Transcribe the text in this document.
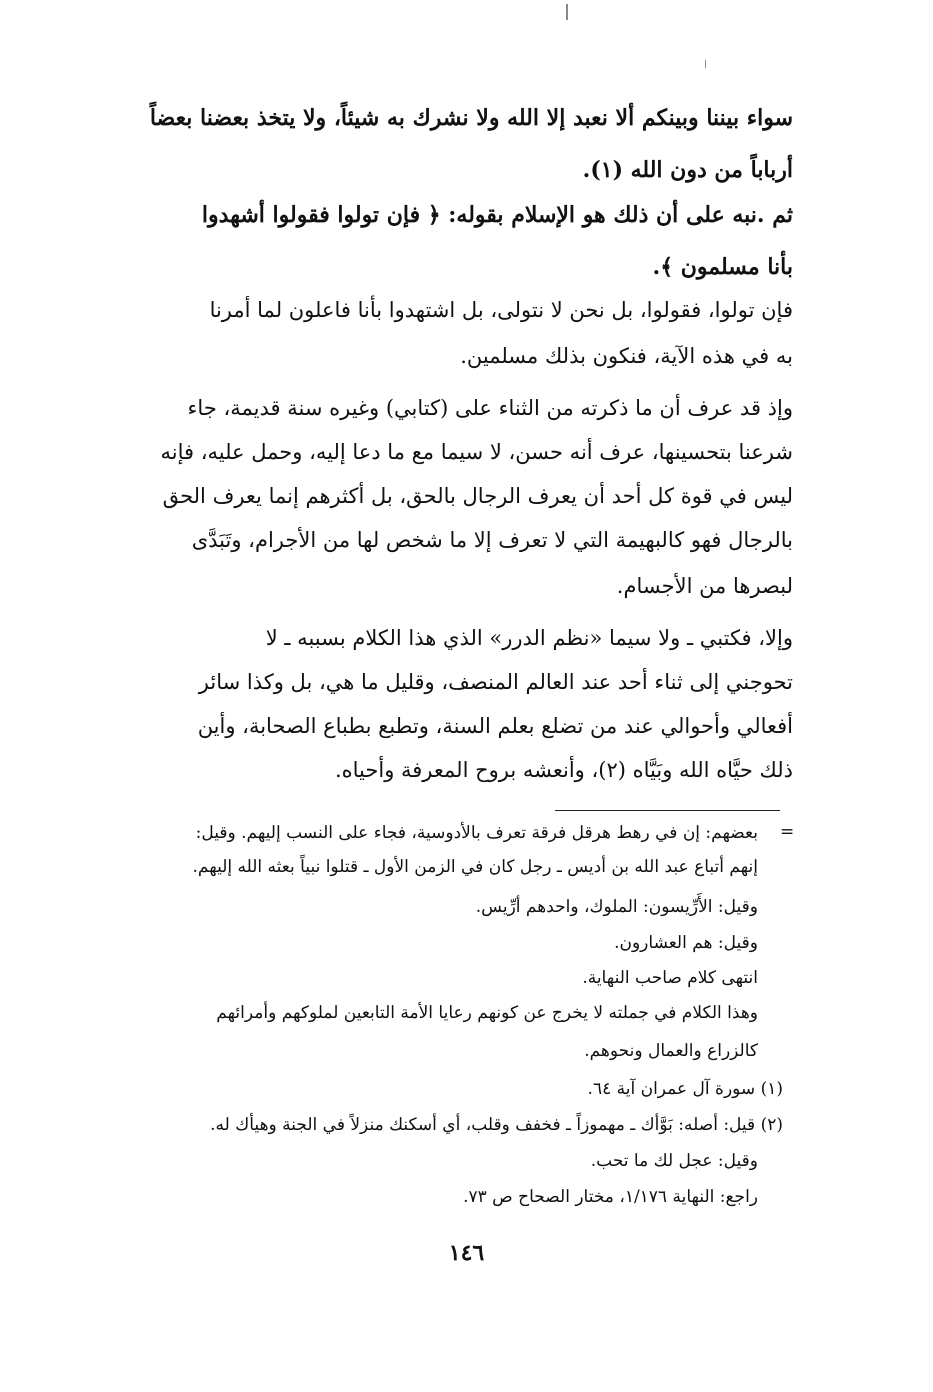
سواء بيننا وبينكم ألا نعبد إلا الله ولا نشرك به شيئاً، ولا يتخذ بعضنا بعضاً
أرباباً من دون الله (١).
ثم .نبه على أن ذلك هو الإسلام بقوله: ﴿ فإن تولوا فقولوا أشهدوا
بأنا مسلمون ﴾.
فإن تولوا، فقولوا، بل نحن لا نتولى، بل اشتهدوا بأنا فاعلون لما أمرنا
به في هذه الآية، فنكون بذلك مسلمين.
وإذ قد عرف أن ما ذكرته من الثناء على (كتابي) وغيره سنة قديمة، جاء
شرعنا بتحسينها، عرف أنه حسن، لا سيما مع ما دعا إليه، وحمل عليه، فإنه
ليس في قوة كل أحد أن يعرف الرجال بالحق، بل أكثرهم إنما يعرف الحق
بالرجال فهو كالبهيمة التي لا تعرف إلا ما شخص لها من الأجرام، وتَبَدَّى
لبصرها من الأجسام.
وإلا، فكتبي ـ ولا سيما «نظم الدرر» الذي هذا الكلام بسببه ـ لا
تحوجني إلى ثناء أحد عند العالم المنصف، وقليل ما هي، بل وكذا سائر
أفعالي وأحوالي عند من تضلع بعلم السنة، وتطبع بطباع الصحابة، وأين
ذلك حيَّاه الله وبَيَّاه (٢)، وأنعشه بروح المعرفة وأحياه.
=
بعضهم: إن في رهط هرقل فرقة تعرف بالأدوسية، فجاء على النسب إليهم. وقيل:
إنهم أتباع عبد الله بن أديس ـ رجل كان في الزمن الأول ـ قتلوا نبياً بعثه الله إليهم.
وقيل: الأَرِّيسون: الملوك، واحدهم أرِّيس.
وقيل: هم العشارون.
انتهى كلام صاحب النهاية.
وهذا الكلام في جملته لا يخرج عن كونهم رعايا الأمة التابعين لملوكهم وأمرائهم
كالزراع والعمال ونحوهم.
(١) سورة آل عمران آية ٦٤.
(٢) قيل: أصله: بَوَّأك ـ مهموزاً ـ فخفف وقلب، أي أسكنك منزلاً في الجنة وهيأك له.
وقيل: عجل لك ما تحب.
راجع: النهاية ١/١٧٦، مختار الصحاح ص ٧٣.
١٤٦
